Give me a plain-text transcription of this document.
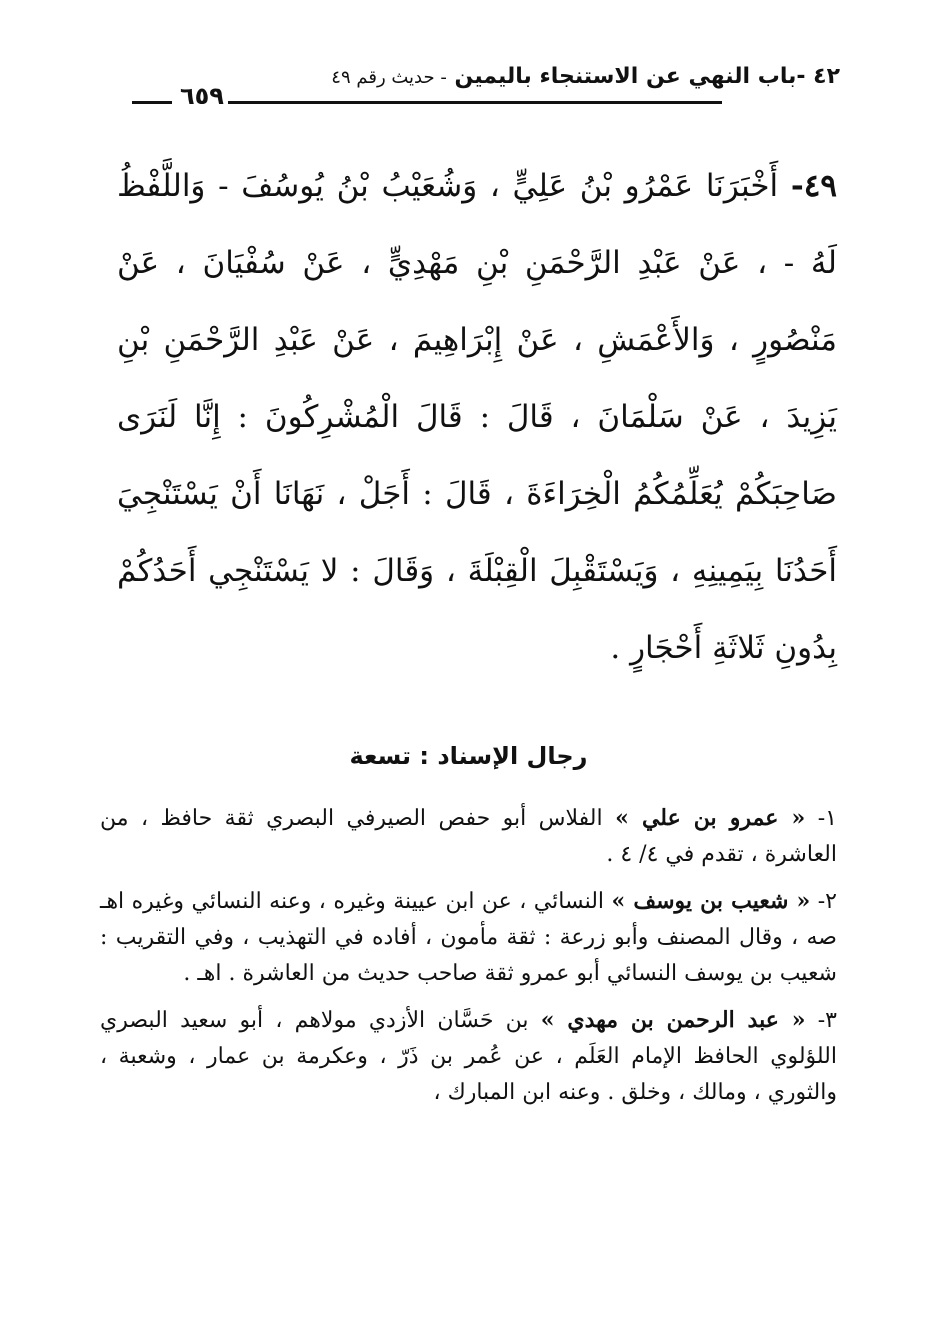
٤٢ -باب النهي عن الاستنجاء باليمين - حديث رقم ٤٩
٦٥٩
٤٩- أَخْبَرَنَا عَمْرُو بْنُ عَلِيٍّ ، وَشُعَيْبُ بْنُ يُوسُفَ - وَاللَّفْظُ لَهُ - ، عَنْ عَبْدِ الرَّحْمَنِ بْنِ مَهْدِيٍّ ، عَنْ سُفْيَانَ ، عَنْ مَنْصُورٍ ، وَالأَعْمَشِ ، عَنْ إِبْرَاهِيمَ ، عَنْ عَبْدِ الرَّحْمَنِ بْنِ يَزِيدَ ، عَنْ سَلْمَانَ ، قَالَ : قَالَ الْمُشْرِكُونَ : إِنَّا لَنَرَى صَاحِبَكُمْ يُعَلِّمُكُمُ الْخِرَاءَةَ ، قَالَ : أَجَلْ ، نَهَانَا أَنْ يَسْتَنْجِيَ أَحَدُنَا بِيَمِينِهِ ، وَيَسْتَقْبِلَ الْقِبْلَةَ ، وَقَالَ : لا يَسْتَنْجِي أَحَدُكُمْ بِدُونِ ثَلاثَةِ أَحْجَارٍ .
رجال الإسناد : تسعة

١- « عمرو بن علي » الفلاس أبو حفص الصيرفي البصري ثقة حافظ ، من العاشرة ، تقدم في ٤/ ٤ .

٢- « شعيب بن يوسف » النسائي ، عن ابن عيينة وغيره ، وعنه النسائي وغيره اهـ صه ، وقال المصنف وأبو زرعة : ثقة مأمون ، أفاده في التهذيب ، وفي التقريب : شعيب بن يوسف النسائي أبو عمرو ثقة صاحب حديث من العاشرة . اهـ .

٣- « عبد الرحمن بن مهدي » بن حَسَّان الأزدي مولاهم ، أبو سعيد البصري اللؤلوي الحافظ الإمام العَلَم ، عن عُمر بن ذَرّ ، وعكرمة بن عمار ، وشعبة ، والثوري ، ومالك ، وخلق . وعنه ابن المبارك ،
